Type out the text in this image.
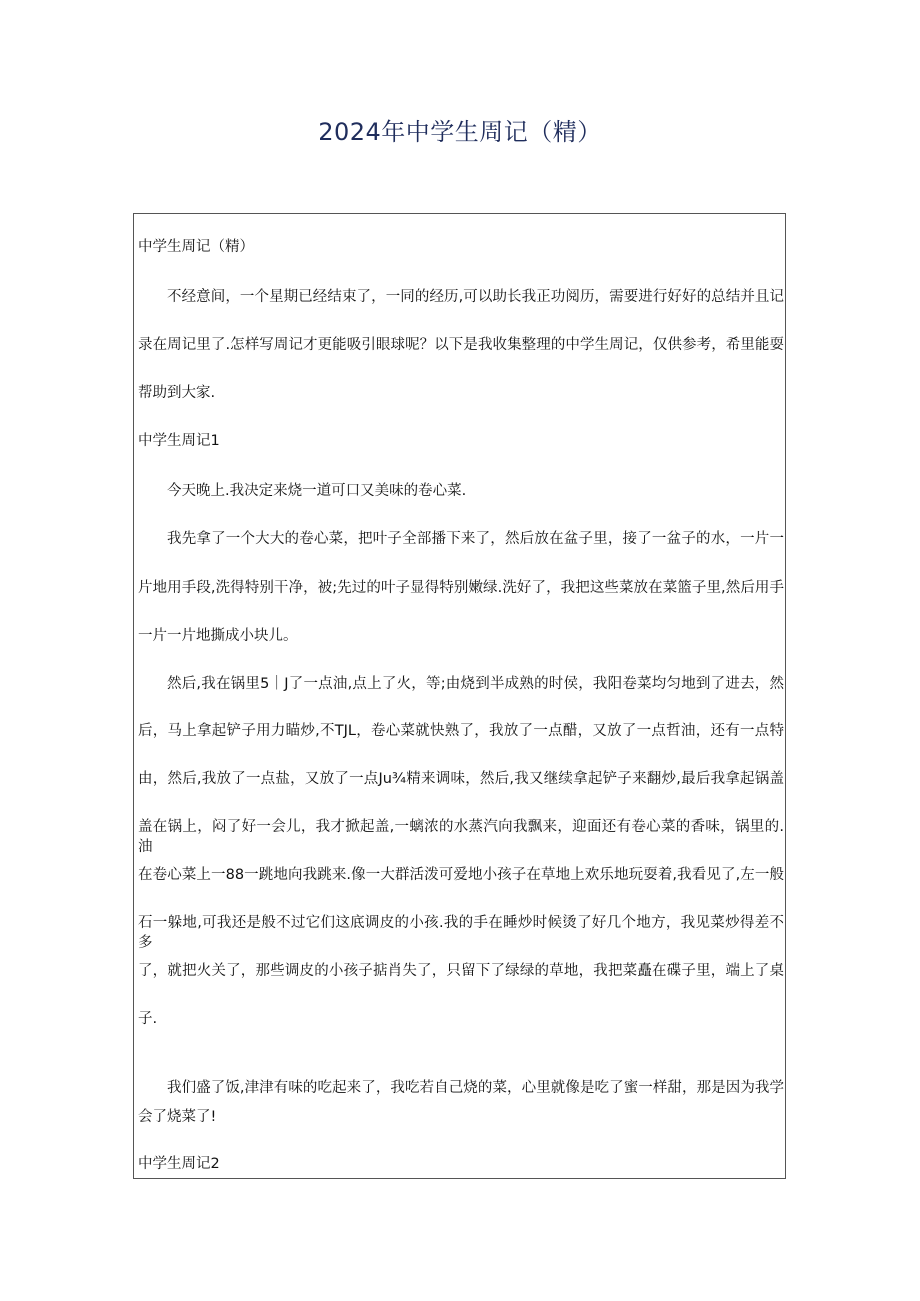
2024年中学生周记（精）
中学生周记（精）
不经意间，一个星期已经结束了，一同的经历,可以助长我正功阅历，需要进行好好的总结并且记
录在周记里了.怎样写周记才更能吸引眼球呢？以下是我收集整理的中学生周记，仅供参考，希里能耍
帮助到大家.
中学生周记1
今天晚上.我决定来烧一道可口又美味的卷心菜.
我先拿了一个大大的卷心菜，把叶子全部播下来了，然后放在盆子里，接了一盆子的水，一片一
片地用手段,洗得特别干净，被;先过的叶子显得特别嫩绿.洗好了，我把这些菜放在菜篮子里,然后用手
一片一片地撕成小块儿。
然后,我在锅里5｜J了一点油,点上了火，等;由烧到半成熟的时侯，我阳卷菜均匀地到了进去，然
后，马上拿起铲子用力瞄炒,不TJL，卷心菜就快熟了，我放了一点醋，又放了一点哲油，还有一点特
由，然后,我放了一点盐，又放了一点Ju¾精来调味，然后,我又继续拿起铲子来翻炒,最后我拿起锅盖
盖在锅上，闷了好一会儿，我才掀起盖,一螭浓的水蒸汽向我飘来，迎面还有卷心菜的香味，锅里的.油
在卷心菜上一88一跳地向我跳来.像一大群活泼可爱地小孩子在草地上欢乐地玩耍着,我看见了,左一般
石一躲地,可我还是般不过它们这底调皮的小孩.我的手在睡炒时候烫了好几个地方，我见菜炒得差不多
了，就把火关了，那些调皮的小孩子掂肖失了，只留下了绿绿的草地，我把菜矗在碟子里，端上了桌
子.
我们盛了饭,津津有味的吃起来了，我吃若自己烧的菜，心里就像是吃了蜜一样甜，那是因为我学
会了烧菜了!
中学生周记2
